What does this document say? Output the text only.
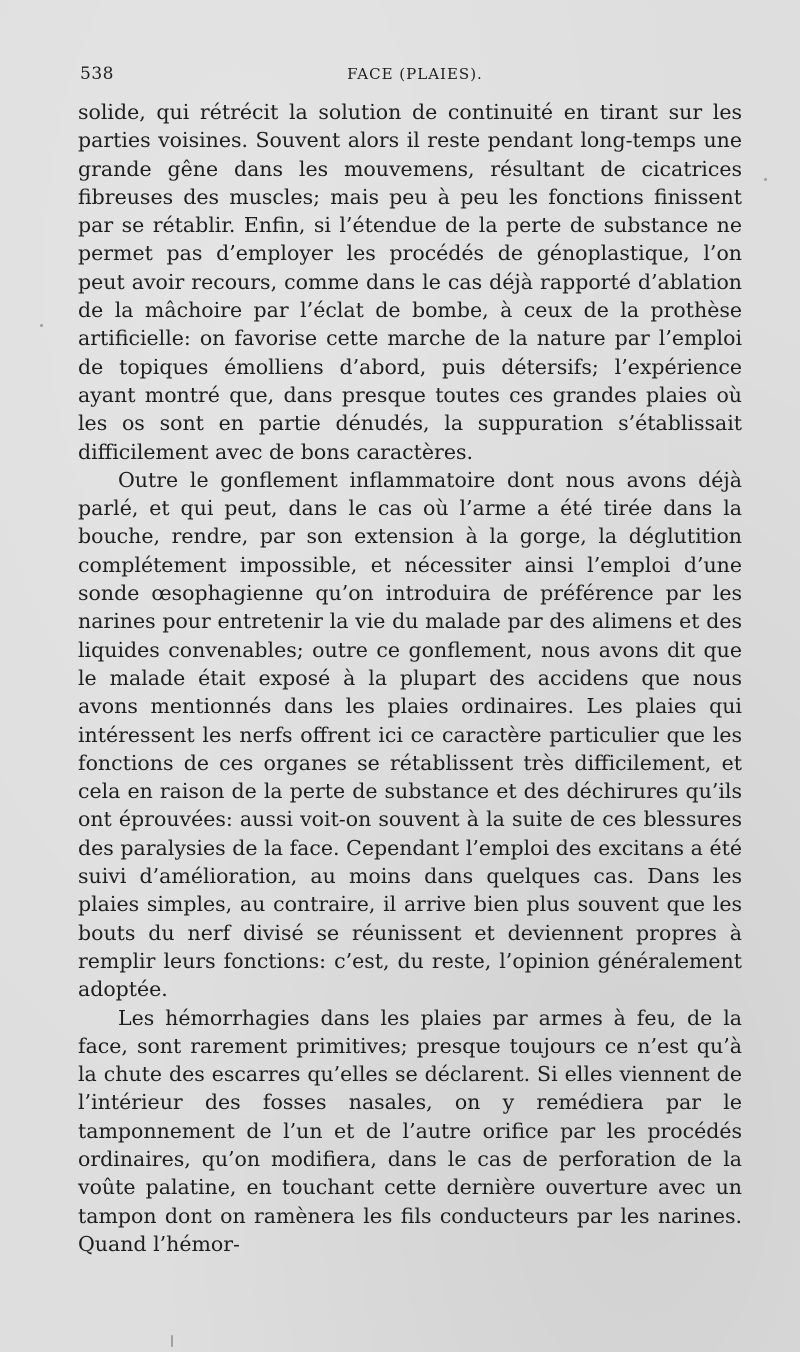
538	FACE (PLAIES).

solide, qui rétrécit la solution de continuité en tirant sur les parties voisines. Souvent alors il reste pendant long-temps une grande gêne dans les mouvemens, résultant de cicatrices fibreuses des muscles; mais peu à peu les fonctions finissent par se rétablir. Enfin, si l’étendue de la perte de substance ne permet pas d’employer les procédés de génoplastique, l’on peut avoir recours, comme dans le cas déjà rapporté d’ablation de la mâchoire par l’éclat de bombe, à ceux de la prothèse artificielle: on favorise cette marche de la nature par l’emploi de topiques émolliens d’abord, puis détersifs; l’expérience ayant montré que, dans presque toutes ces grandes plaies où les os sont en partie dénudés, la suppuration s’établissait difficilement avec de bons caractères.

Outre le gonflement inflammatoire dont nous avons déjà parlé, et qui peut, dans le cas où l’arme a été tirée dans la bouche, rendre, par son extension à la gorge, la déglutition complétement impossible, et nécessiter ainsi l’emploi d’une sonde œsophagienne qu’on introduira de préférence par les narines pour entretenir la vie du malade par des alimens et des liquides convenables; outre ce gonflement, nous avons dit que le malade était exposé à la plupart des accidens que nous avons mentionnés dans les plaies ordinaires. Les plaies qui intéressent les nerfs offrent ici ce caractère particulier que les fonctions de ces organes se rétablissent très difficilement, et cela en raison de la perte de substance et des déchirures qu’ils ont éprouvées: aussi voit-on souvent à la suite de ces blessures des paralysies de la face. Cependant l’emploi des excitans a été suivi d’amélioration, au moins dans quelques cas. Dans les plaies simples, au contraire, il arrive bien plus souvent que les bouts du nerf divisé se réunissent et deviennent propres à remplir leurs fonctions: c’est, du reste, l’opinion généralement adoptée.

Les hémorrhagies dans les plaies par armes à feu, de la face, sont rarement primitives; presque toujours ce n’est qu’à la chute des escarres qu’elles se déclarent. Si elles viennent de l’intérieur des fosses nasales, on y remédiera par le tamponnement de l’un et de l’autre orifice par les procédés ordinaires, qu’on modifiera, dans le cas de perforation de la voûte palatine, en touchant cette dernière ouverture avec un tampon dont on ramènera les fils conducteurs par les narines. Quand l’hémor-
